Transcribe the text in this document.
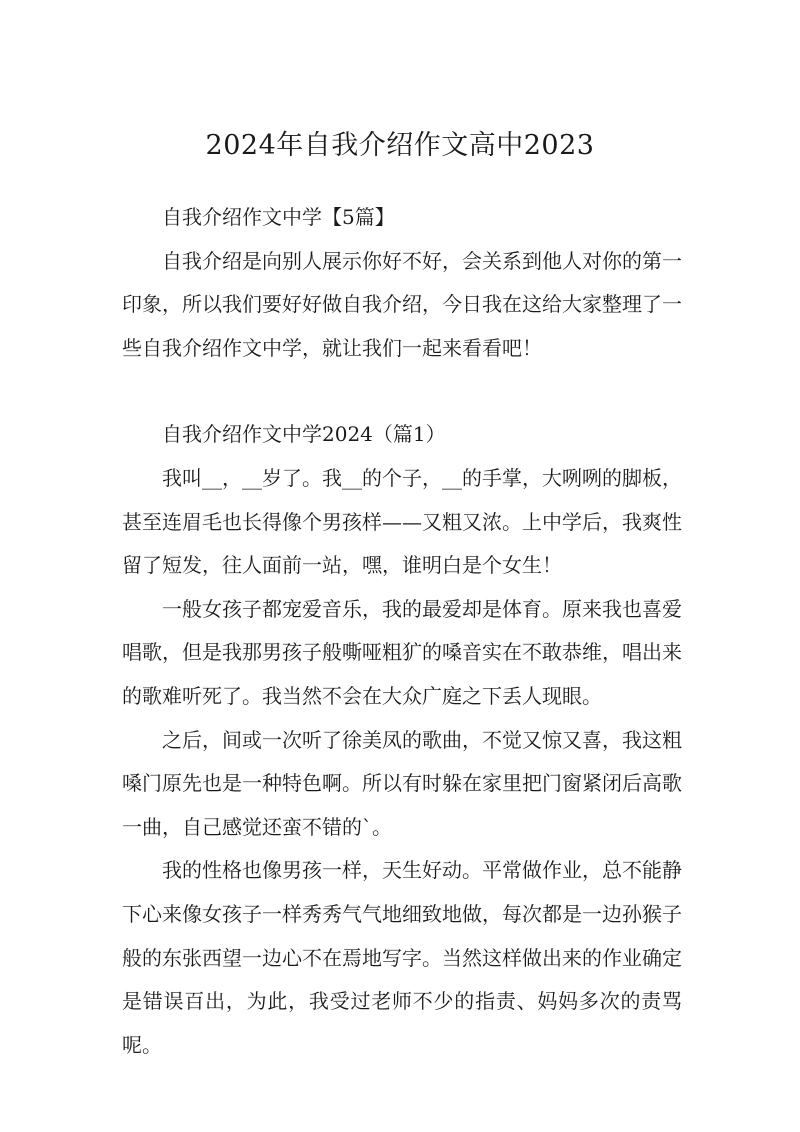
2024年自我介绍作文高中2023

自我介绍作文中学【5篇】

自我介绍是向别人展示你好不好，会关系到他人对你的第一印象，所以我们要好好做自我介绍，今日我在这给大家整理了一些自我介绍作文中学，就让我们一起来看看吧！

自我介绍作文中学2024（篇1）

我叫__，__岁了。我__的个子，__的手掌，大咧咧的脚板，甚至连眉毛也长得像个男孩样——又粗又浓。上中学后，我爽性留了短发，往人面前一站，嘿，谁明白是个女生！

一般女孩子都宠爱音乐，我的最爱却是体育。原来我也喜爱唱歌，但是我那男孩子般嘶哑粗犷的嗓音实在不敢恭维，唱出来的歌难听死了。我当然不会在大众广庭之下丢人现眼。

之后，间或一次听了徐美凤的歌曲，不觉又惊又喜，我这粗嗓门原先也是一种特色啊。所以有时躲在家里把门窗紧闭后高歌一曲，自己感觉还蛮不错的`。

我的性格也像男孩一样，天生好动。平常做作业，总不能静下心来像女孩子一样秀秀气气地细致地做，每次都是一边孙猴子般的东张西望一边心不在焉地写字。当然这样做出来的作业确定是错误百出，为此，我受过老师不少的指责、妈妈多次的责骂呢。
